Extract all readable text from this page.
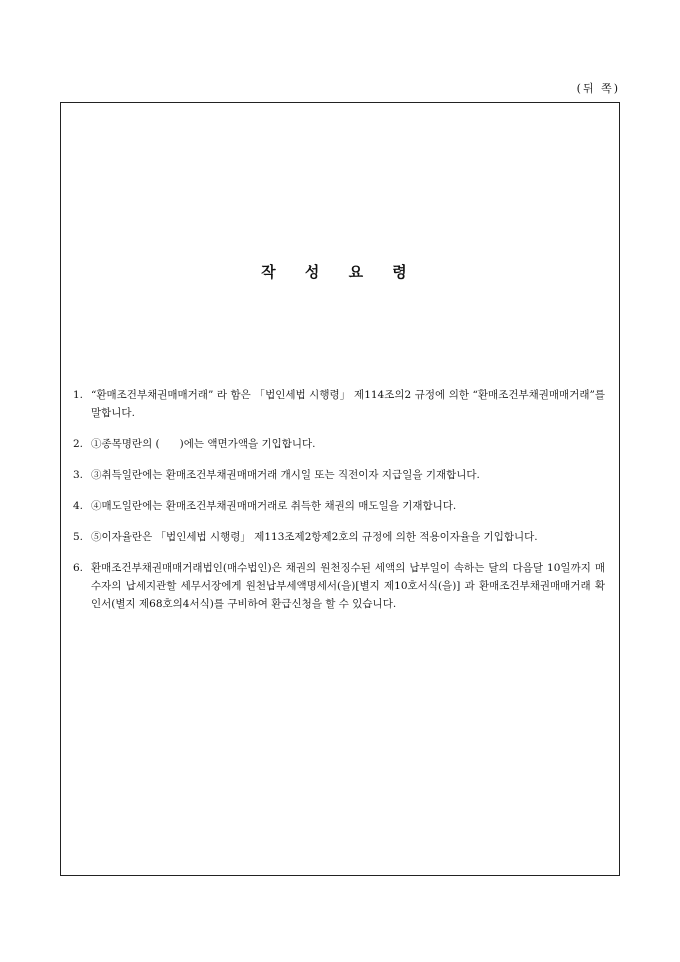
(뒤 쪽)
작 성 요 령
1. “환매조건부채권매매거래” 라 함은 「법인세법 시행령」 제114조의2 규정에 의한 “환매조건부채권매매거래”를 말합니다.
2. ①종목명란의 (      )에는 액면가액을 기입합니다.
3. ③취득일란에는 환매조건부채권매매거래 개시일 또는 직전이자 지급일을 기재합니다.
4. ④매도일란에는 환매조건부채권매매거래로 취득한 채권의 매도일을 기재합니다.
5. ⑤이자율란은 「법인세법 시행령」 제113조제2항제2호의 규정에 의한 적용이자율을 기입합니다.
6. 환매조건부채권매매거래법인(매수법인)은 채권의 원천징수된 세액의 납부일이 속하는 달의 다음달 10일까지 매수자의 납세지관할 세무서장에게 원천납부세액명세서(을)[별지 제10호서식(을)] 과 환매조건부채권매매거래 확인서(별지 제68호의4서식)를 구비하여 환급신청을 할 수 있습니다.
